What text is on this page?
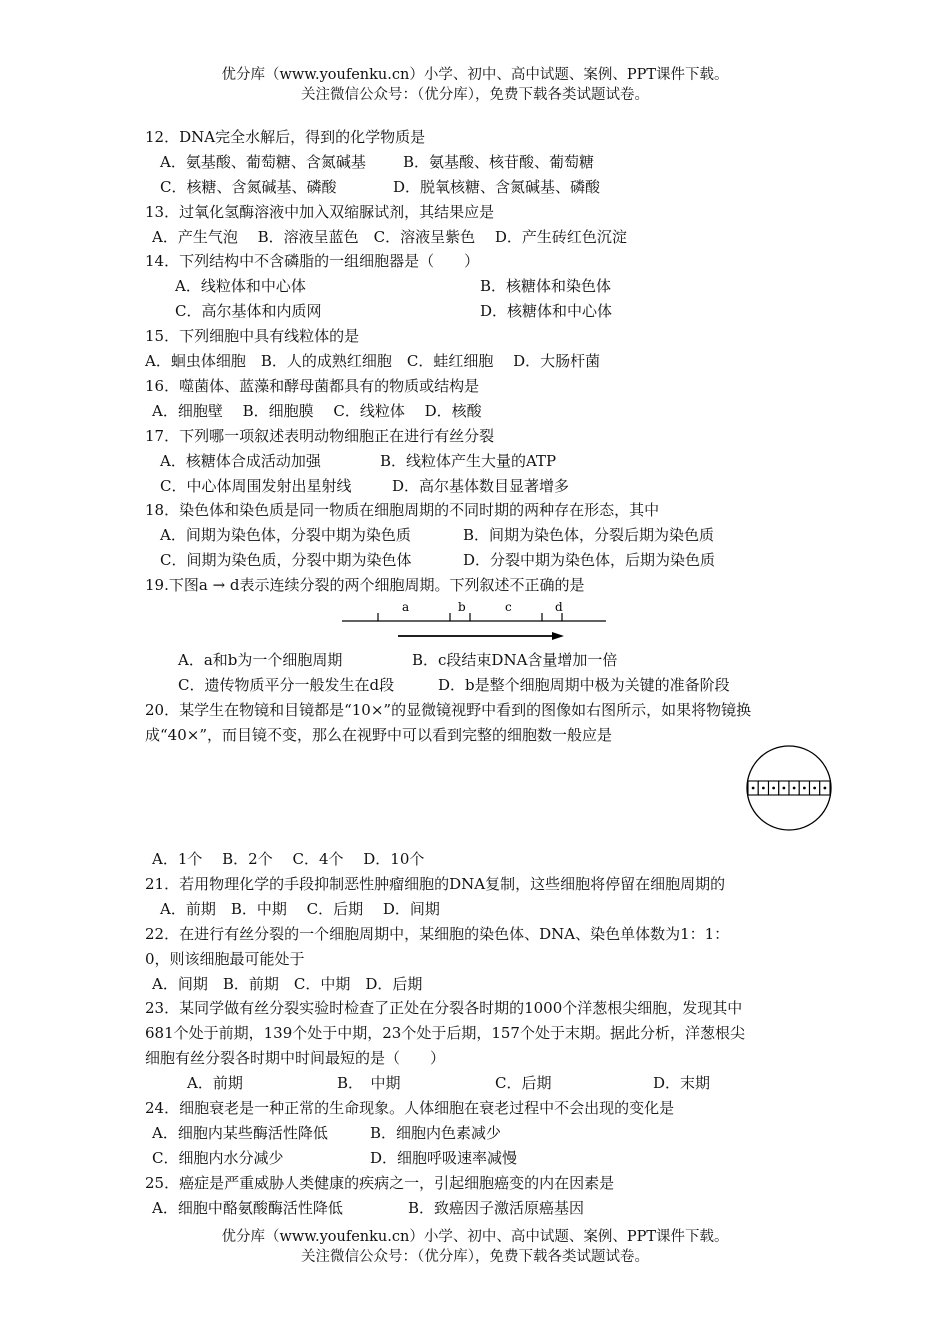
优分库（www.youfenku.cn）小学、初中、高中试题、案例、PPT课件下载。
关注微信公众号：（优分库），免费下载各类试题试卷。
12．DNA完全水解后，得到的化学物质是
A．氨基酸、葡萄糖、含氮碱基 B．氨基酸、核苷酸、葡萄糖
C．核糖、含氮碱基、磷酸	D．脱氧核糖、含氮碱基、磷酸
13．过氧化氢酶溶液中加入双缩脲试剂，其结果应是
A．产生气泡　 B．溶液呈蓝色　C．溶液呈紫色　 D．产生砖红色沉淀
14．下列结构中不含磷脂的一组细胞器是（　　）
A．线粒体和中心体	B．核糖体和染色体
C．高尔基体和内质网	D．核糖体和中心体
15．下列细胞中具有线粒体的是
A．蛔虫体细胞　B．人的成熟红细胞　C．蛙红细胞　 D．大肠杆菌
16．噬菌体、蓝藻和酵母菌都具有的物质或结构是
A．细胞壁　 B．细胞膜　 C．线粒体　 D．核酸
17．下列哪一项叙述表明动物细胞正在进行有丝分裂
A．核糖体合成活动加强	B．线粒体产生大量的ATP
C．中心体周围发射出星射线	D．高尔基体数目显著增多
18．染色体和染色质是同一物质在细胞周期的不同时期的两种存在形态，其中
A．间期为染色体，分裂中期为染色质	B．间期为染色体，分裂后期为染色质
C．间期为染色质，分裂中期为染色体	D．分裂中期为染色体，后期为染色质
19.下图a → d表示连续分裂的两个细胞周期。下列叙述不正确的是
a	b	c	d
A．a和b为一个细胞周期	B．c段结束DNA含量增加一倍
C．遗传物质平分一般发生在d段	D．b是整个细胞周期中极为关键的准备阶段
20．某学生在物镜和目镜都是“10×”的显微镜视野中看到的图像如右图所示，如果将物镜换
成“40×”，而目镜不变，那么在视野中可以看到完整的细胞数一般应是
A．1个　 B．2个　 C．4个　 D．10个
21．若用物理化学的手段抑制恶性肿瘤细胞的DNA复制，这些细胞将停留在细胞周期的
A．前期　B．中期　 C．后期　 D．间期
22．在进行有丝分裂的一个细胞周期中，某细胞的染色体、DNA、染色单体数为1：1：
0，则该细胞最可能处于
A．间期　B．前期　C．中期　D．后期
23．某同学做有丝分裂实验时检查了正处在分裂各时期的1000个洋葱根尖细胞，发现其中
681个处于前期，139个处于中期，23个处于后期，157个处于末期。据此分析，洋葱根尖
细胞有丝分裂各时期中时间最短的是（　　）
A．前期	B．　中期	C．后期	D．末期
24．细胞衰老是一种正常的生命现象。人体细胞在衰老过程中不会出现的变化是
A．细胞内某些酶活性降低	B．细胞内色素减少
C．细胞内水分减少	D．细胞呼吸速率减慢
25．癌症是严重威胁人类健康的疾病之一，引起细胞癌变的内在因素是
A．细胞中酪氨酸酶活性降低	B．致癌因子激活原癌基因
优分库（www.youfenku.cn）小学、初中、高中试题、案例、PPT课件下载。
关注微信公众号：（优分库），免费下载各类试题试卷。
